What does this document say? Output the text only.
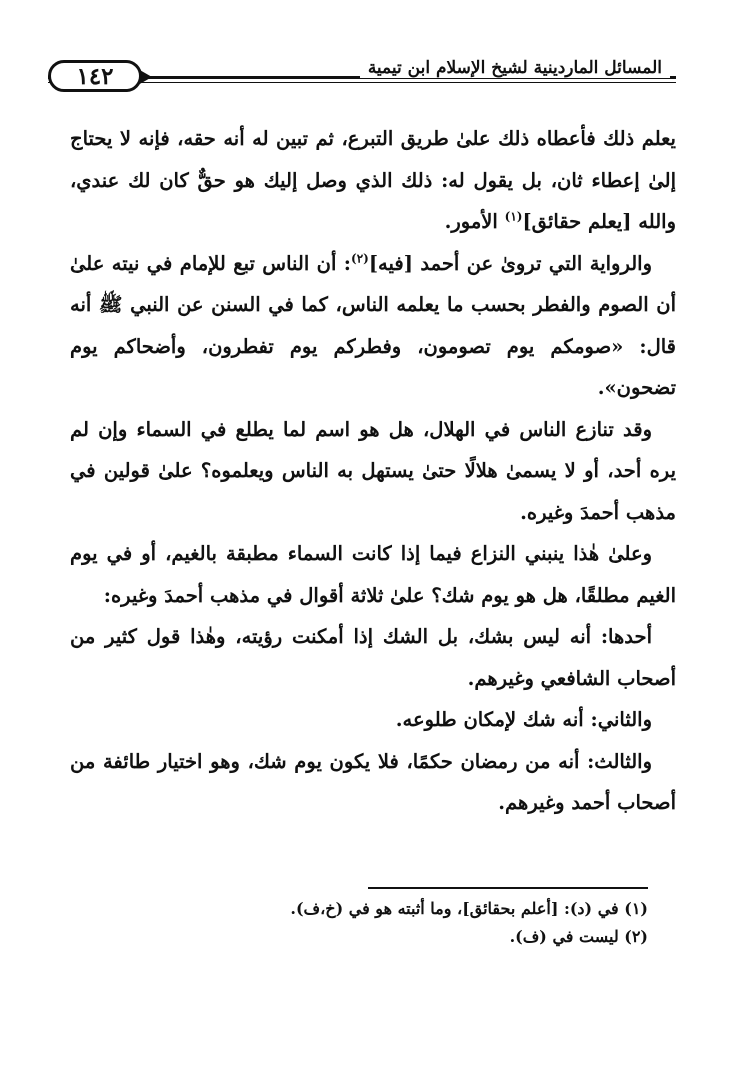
المسائل الماردينية لشيخ الإسلام ابن تيمية
١٤٢

يعلم ذلك فأعطاه ذلك علىٰ طريق التبرع، ثم تبين له أنه حقه، فإنه لا يحتاج إلىٰ إعطاء ثان، بل يقول له: ذلك الذي وصل إليك هو حقٌّ كان لك عندي، والله [يعلم حقائق]$^{(١)}$ الأمور.

والرواية التي تروىٰ عن أحمد [فيه]$^{(٢)}$: أن الناس تبع للإمام في نيته علىٰ أن الصوم والفطر بحسب ما يعلمه الناس، كما في السنن عن النبي ﷺ أنه قال: «صومكم يوم تصومون، وفطركم يوم تفطرون، وأضحاكم يوم تضحون».

وقد تنازع الناس في الهلال، هل هو اسم لما يطلع في السماء وإن لم يره أحد، أو لا يسمىٰ هلالًا حتىٰ يستهل به الناس ويعلموه؟ علىٰ قولين في مذهب أحمدَ وغيره.

وعلىٰ هٰذا ينبني النزاع فيما إذا كانت السماء مطبقة بالغيم، أو في يوم الغيم مطلقًا، هل هو يوم شك؟ علىٰ ثلاثة أقوال في مذهب أحمدَ وغيره:

أحدها: أنه ليس بشك، بل الشك إذا أمكنت رؤيته، وهٰذا قول كثير من أصحاب الشافعي وغيرهم.

والثاني: أنه شك لإمكان طلوعه.

والثالث: أنه من رمضان حكمًا، فلا يكون يوم شك، وهو اختيار طائفة من أصحاب أحمد وغيرهم.

(١) في (د): [أعلم بحقائق]، وما أثبته هو في (خ،ف).

(٢) ليست في (ف).
